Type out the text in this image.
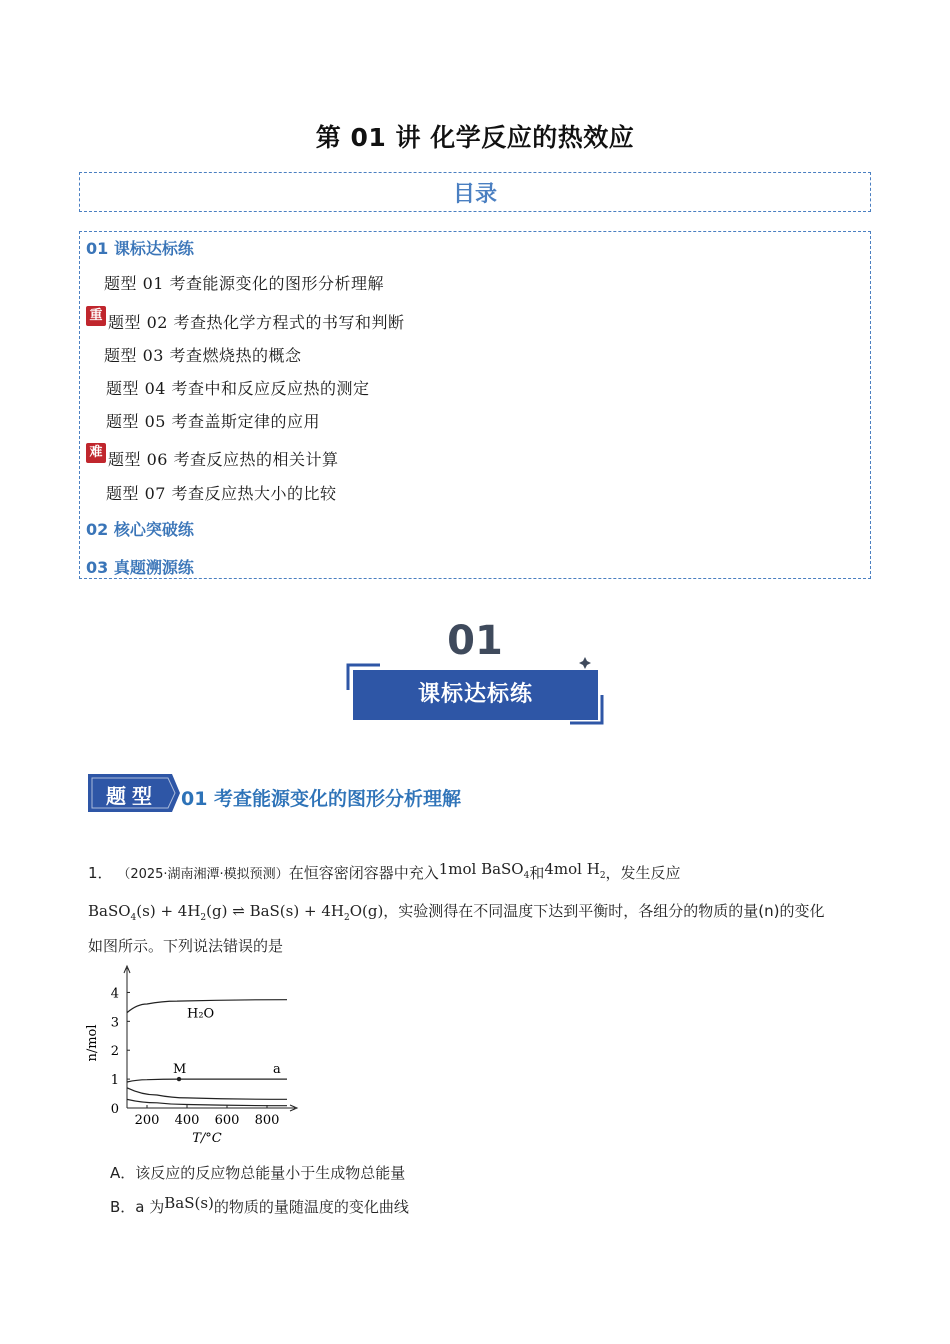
第 01 讲 化学反应的热效应
目录
01 课标达标练
题型 01 考查能源变化的图形分析理解
重 题型 02 考查热化学方程式的书写和判断
题型 03 考查燃烧热的概念
题型 04 考查中和反应反应热的测定
题型 05 考查盖斯定律的应用
难 题型 06 考查反应热的相关计算
题型 07 考查反应热大小的比较
02 核心突破练
03 真题溯源练
01
课标达标练
题型	01 考查能源变化的图形分析理解
1． （2025·湖南湘潭·模拟预测）在恒容密闭容器中充入1mol BaSO$_4$和4mol $H_2$，发生反应
BaSO$_4$(s) + $4H_2(g)$ ⇌ $BaS(s) + 4H_2O(g)$，实验测得在不同温度下达到平衡时，各组分的物质的量(n)的变化
如图所示。下列说法错误的是
200 400 600 800
0
1
2
3
4
T/°C
n/mol
H₂O
M	a
A．该反应的反应物总能量小于生成物总能量
B．a 为BaS(s)的物质的量随温度的变化曲线
